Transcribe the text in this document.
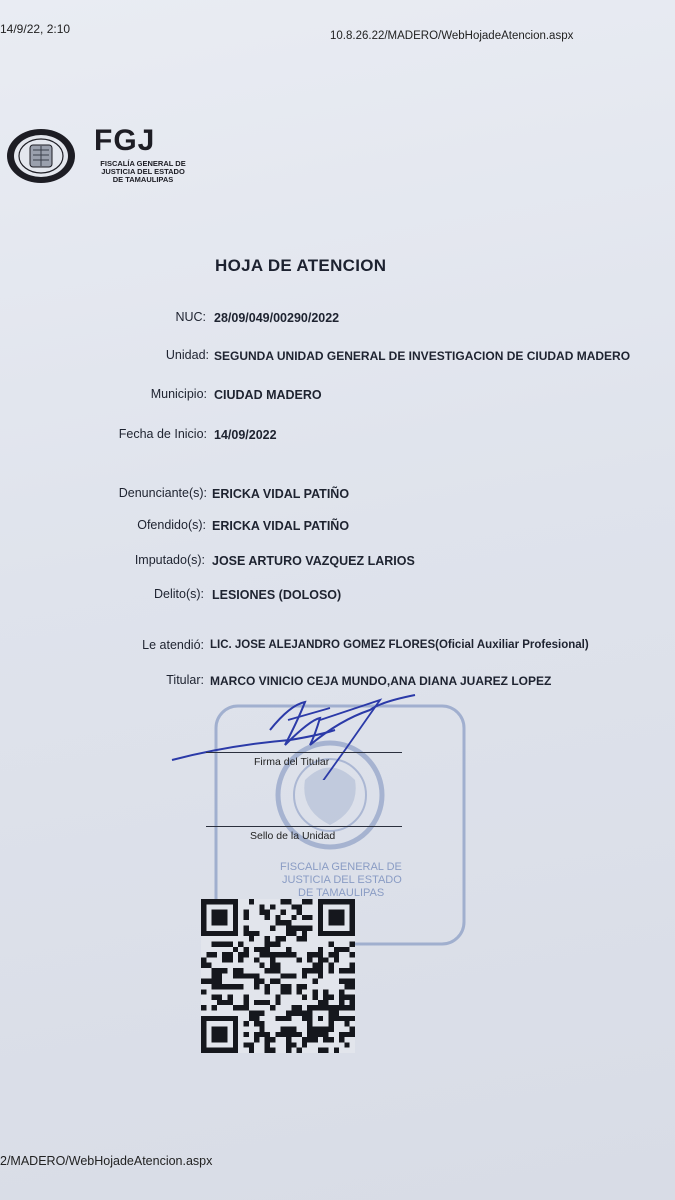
14/9/22, 2:10	10.8.26.22/MADERO/WebHojadeAtencion.aspx
FGJ
FISCALÍA GENERAL DE
JUSTICIA DEL ESTADO
DE TAMAULIPAS
HOJA DE ATENCION
NUC: 28/09/049/00290/2022
Unidad: SEGUNDA UNIDAD GENERAL DE INVESTIGACION DE CIUDAD MADERO
Municipio: CIUDAD MADERO
Fecha de Inicio: 14/09/2022
Denunciante(s): ERICKA VIDAL PATIÑO
Ofendido(s): ERICKA VIDAL PATIÑO
Imputado(s): JOSE ARTURO VAZQUEZ LARIOS
Delito(s): LESIONES (DOLOSO)
Le atendió: LIC. JOSE ALEJANDRO GOMEZ FLORES(Oficial Auxiliar Profesional)
Titular: MARCO VINICIO CEJA MUNDO,ANA DIANA JUAREZ LOPEZ
FISCALIA GENERAL DE
JUSTICIA DEL ESTADO
DE TAMAULIPAS
Firma del Titular
Sello de la Unidad
2/MADERO/WebHojadeAtencion.aspx
